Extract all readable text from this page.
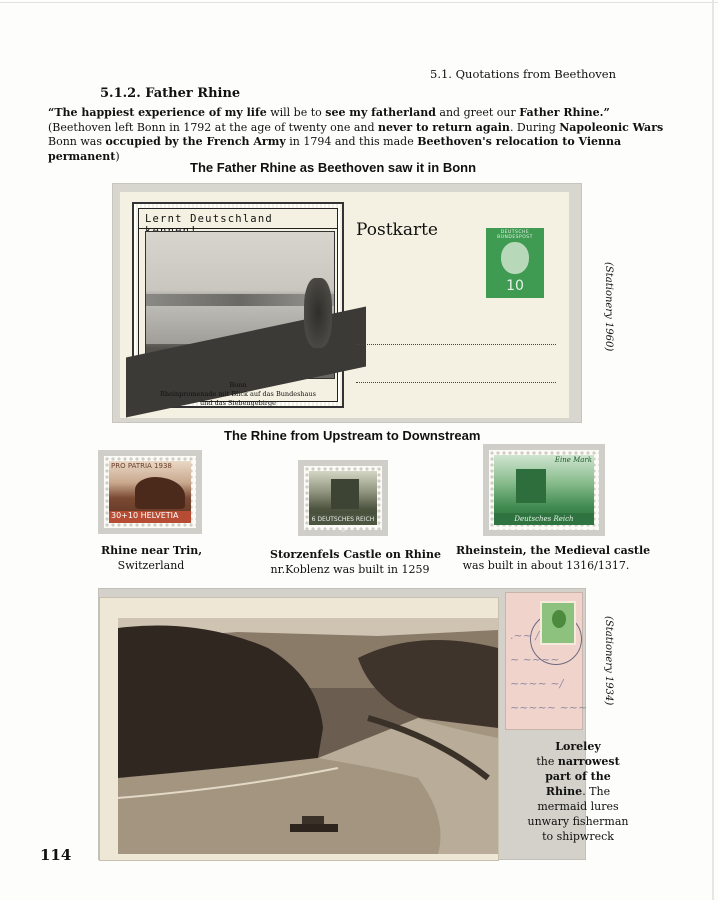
5.1. Quotations from Beethoven
5.1.2. Father Rhine

“The happiest experience of my life will be to see my fatherland and greet our Father Rhine.” (Beethoven left Bonn in 1792 at the age of twenty one and never to return again. During Napoleonic Wars Bonn was occupied by the French Army in 1794 and this made Beethoven's relocation to Vienna permanent)

The Father Rhine as Beethoven saw it in Bonn
Lernt Deutschland
Bonn
Rheinpromenade mit Blick auf das Bundeshaus
und das Siebengebirge
Postkarte	DEUTSCHE BUNDESPOST
10	(Stationery 1960)
The Rhine from Upstream to Downstream
PRO PATRIA 1938
30+10 HELVETIA
Rhine near Trin,
Switzerland
6 DEUTSCHES REICH 6
Storzenfels Castle on Rhine
nr.Koblenz was built in 1259
Eine Mark
Deutsches Reich
Rheinstein, the Medieval castle
was built in about 1316/1317.
.~~ /
~ ~~~~
~~~~ ~/
~~~~~ ~~~
(Stationery 1934)
Loreley
the narrowest part of the Rhine. The mermaid lures unwary fisherman to shipwreck
114
